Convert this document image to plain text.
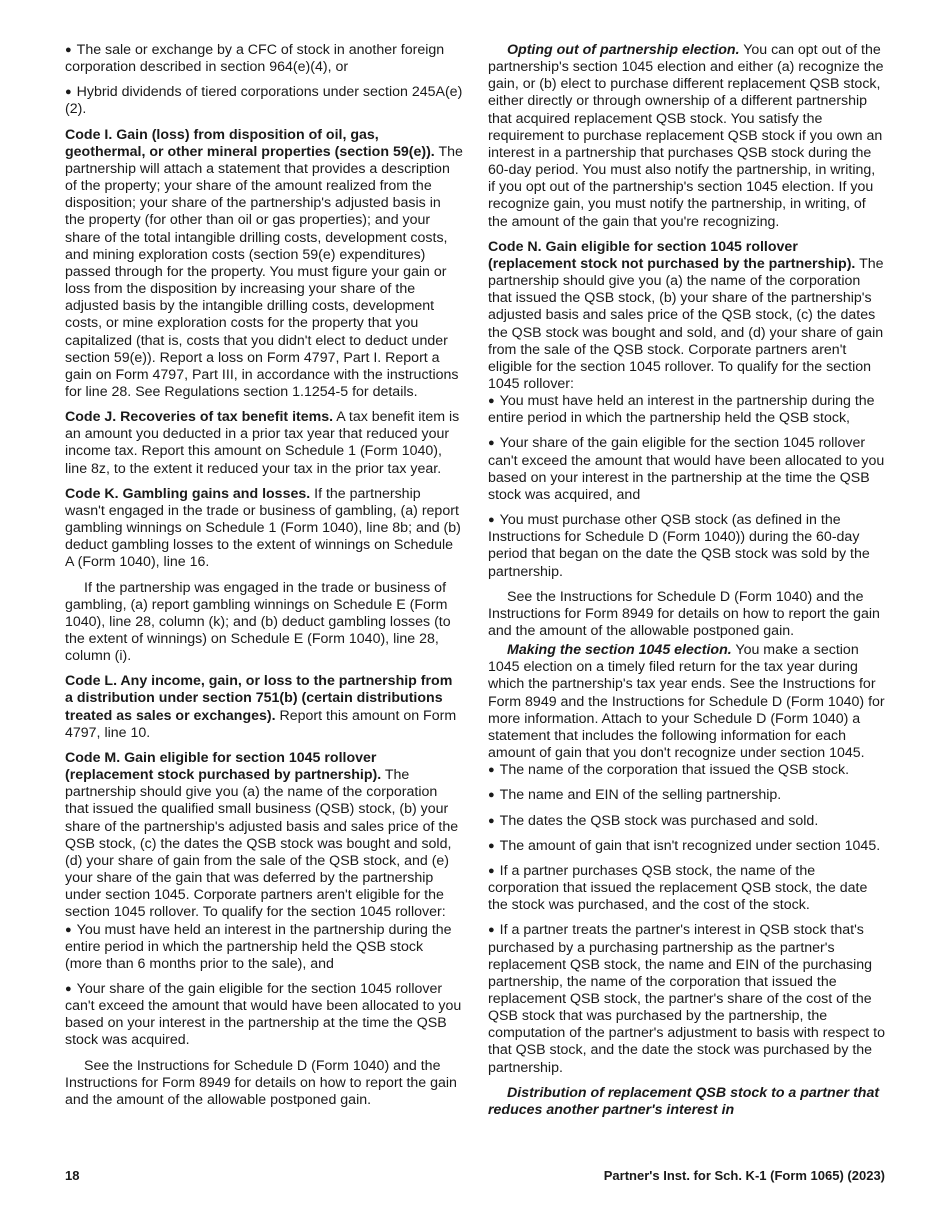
● The sale or exchange by a CFC of stock in another foreign corporation described in section 964(e)(4), or

● Hybrid dividends of tiered corporations under section 245A(e)(2).

Code I. Gain (loss) from disposition of oil, gas, geothermal, or other mineral properties (section 59(e)). The partnership will attach a statement that provides a description of the property; your share of the amount realized from the disposition; your share of the partnership's adjusted basis in the property (for other than oil or gas properties); and your share of the total intangible drilling costs, development costs, and mining exploration costs (section 59(e) expenditures) passed through for the property. You must figure your gain or loss from the disposition by increasing your share of the adjusted basis by the intangible drilling costs, development costs, or mine exploration costs for the property that you capitalized (that is, costs that you didn't elect to deduct under section 59(e)). Report a loss on Form 4797, Part I. Report a gain on Form 4797, Part III, in accordance with the instructions for line 28. See Regulations section 1.1254-5 for details.

Code J. Recoveries of tax benefit items. A tax benefit item is an amount you deducted in a prior tax year that reduced your income tax. Report this amount on Schedule 1 (Form 1040), line 8z, to the extent it reduced your tax in the prior tax year.

Code K. Gambling gains and losses. If the partnership wasn't engaged in the trade or business of gambling, (a) report gambling winnings on Schedule 1 (Form 1040), line 8b; and (b) deduct gambling losses to the extent of winnings on Schedule A (Form 1040), line 16.

If the partnership was engaged in the trade or business of gambling, (a) report gambling winnings on Schedule E (Form 1040), line 28, column (k); and (b) deduct gambling losses (to the extent of winnings) on Schedule E (Form 1040), line 28, column (i).

Code L. Any income, gain, or loss to the partnership from a distribution under section 751(b) (certain distributions treated as sales or exchanges). Report this amount on Form 4797, line 10.

Code M. Gain eligible for section 1045 rollover (replacement stock purchased by partnership). The partnership should give you (a) the name of the corporation that issued the qualified small business (QSB) stock, (b) your share of the partnership's adjusted basis and sales price of the QSB stock, (c) the dates the QSB stock was bought and sold, (d) your share of gain from the sale of the QSB stock, and (e) your share of the gain that was deferred by the partnership under section 1045. Corporate partners aren't eligible for the section 1045 rollover. To qualify for the section 1045 rollover:

● You must have held an interest in the partnership during the entire period in which the partnership held the QSB stock (more than 6 months prior to the sale), and

● Your share of the gain eligible for the section 1045 rollover can't exceed the amount that would have been allocated to you based on your interest in the partnership at the time the QSB stock was acquired.

See the Instructions for Schedule D (Form 1040) and the Instructions for Form 8949 for details on how to report the gain and the amount of the allowable postponed gain.

Opting out of partnership election. You can opt out of the partnership's section 1045 election and either (a) recognize the gain, or (b) elect to purchase different replacement QSB stock, either directly or through ownership of a different partnership that acquired replacement QSB stock. You satisfy the requirement to purchase replacement QSB stock if you own an interest in a partnership that purchases QSB stock during the 60-day period. You must also notify the partnership, in writing, if you opt out of the partnership's section 1045 election. If you recognize gain, you must notify the partnership, in writing, of the amount of the gain that you're recognizing.

Code N. Gain eligible for section 1045 rollover (replacement stock not purchased by the partnership). The partnership should give you (a) the name of the corporation that issued the QSB stock, (b) your share of the partnership's adjusted basis and sales price of the QSB stock, (c) the dates the QSB stock was bought and sold, and (d) your share of gain from the sale of the QSB stock. Corporate partners aren't eligible for the section 1045 rollover. To qualify for the section 1045 rollover:

● You must have held an interest in the partnership during the entire period in which the partnership held the QSB stock,

● Your share of the gain eligible for the section 1045 rollover can't exceed the amount that would have been allocated to you based on your interest in the partnership at the time the QSB stock was acquired, and

● You must purchase other QSB stock (as defined in the Instructions for Schedule D (Form 1040)) during the 60-day period that began on the date the QSB stock was sold by the partnership.

See the Instructions for Schedule D (Form 1040) and the Instructions for Form 8949 for details on how to report the gain and the amount of the allowable postponed gain.

Making the section 1045 election. You make a section 1045 election on a timely filed return for the tax year during which the partnership's tax year ends. See the Instructions for Form 8949 and the Instructions for Schedule D (Form 1040) for more information. Attach to your Schedule D (Form 1040) a statement that includes the following information for each amount of gain that you don't recognize under section 1045.

● The name of the corporation that issued the QSB stock.

● The name and EIN of the selling partnership.

● The dates the QSB stock was purchased and sold.

● The amount of gain that isn't recognized under section 1045.

● If a partner purchases QSB stock, the name of the corporation that issued the replacement QSB stock, the date the stock was purchased, and the cost of the stock.

● If a partner treats the partner's interest in QSB stock that's purchased by a purchasing partnership as the partner's replacement QSB stock, the name and EIN of the purchasing partnership, the name of the corporation that issued the replacement QSB stock, the partner's share of the cost of the QSB stock that was purchased by the partnership, the computation of the partner's adjustment to basis with respect to that QSB stock, and the date the stock was purchased by the partnership.

Distribution of replacement QSB stock to a partner that reduces another partner's interest in

18	Partner's Inst. for Sch. K-1 (Form 1065) (2023)
